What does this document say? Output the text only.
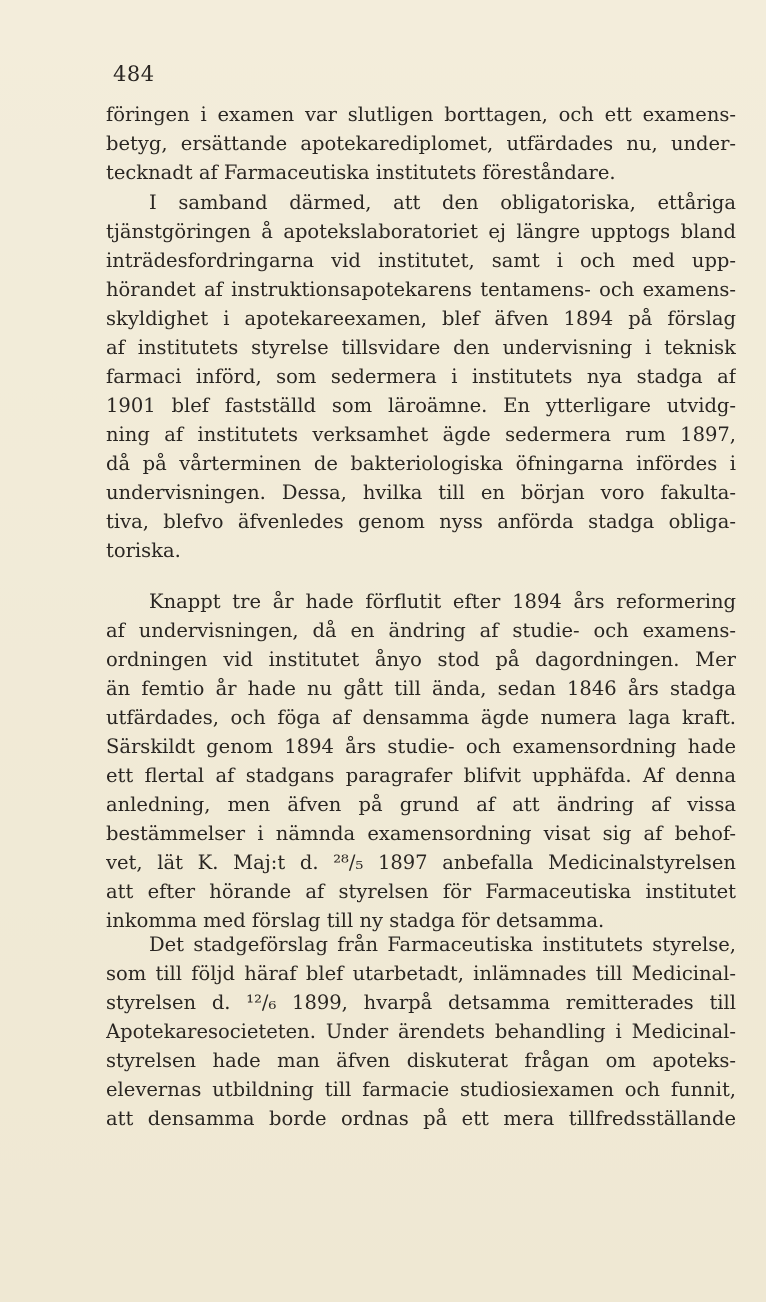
484
föringen i examen var slutligen borttagen, och ett examens-
betyg, ersättande apotekarediplomet, utfärdades nu, under-
tecknadt af Farmaceutiska institutets föreståndare.
I samband därmed, att den obligatoriska, ettåriga
tjänstgöringen å apotekslaboratoriet ej längre upptogs bland
inträdesfordringarna vid institutet, samt i och med upp-
hörandet af instruktionsapotekarens tentamens- och examens-
skyldighet i apotekareexamen, blef äfven 1894 på förslag
af institutets styrelse tillsvidare den undervisning i teknisk
farmaci införd, som sedermera i institutets nya stadga af
1901 blef fastställd som läroämne. En ytterligare utvidg-
ning af institutets verksamhet ägde sedermera rum 1897,
då på vårterminen de bakteriologiska öfningarna infördes i
undervisningen. Dessa, hvilka till en början voro fakulta-
tiva, blefvo äfvenledes genom nyss anförda stadga obliga-
toriska.
Knappt tre år hade förflutit efter 1894 års reformering
af undervisningen, då en ändring af studie- och examens-
ordningen vid institutet ånyo stod på dagordningen. Mer
än femtio år hade nu gått till ända, sedan 1846 års stadga
utfärdades, och föga af densamma ägde numera laga kraft.
Särskildt genom 1894 års studie- och examensordning hade
ett flertal af stadgans paragrafer blifvit upphäfda. Af denna
anledning, men äfven på grund af att ändring af vissa
bestämmelser i nämnda examensordning visat sig af behof-
vet, lät K. Maj:t d. ²⁸/₅ 1897 anbefalla Medicinalstyrelsen
att efter hörande af styrelsen för Farmaceutiska institutet
inkomma med förslag till ny stadga för detsamma.
Det stadgeförslag från Farmaceutiska institutets styrelse,
som till följd häraf blef utarbetadt, inlämnades till Medicinal-
styrelsen d. ¹²/₆ 1899, hvarpå detsamma remitterades till
Apotekaresocieteten. Under ärendets behandling i Medicinal-
styrelsen hade man äfven diskuterat frågan om apoteks-
elevernas utbildning till farmacie studiosiexamen och funnit,
att densamma borde ordnas på ett mera tillfredsställande
